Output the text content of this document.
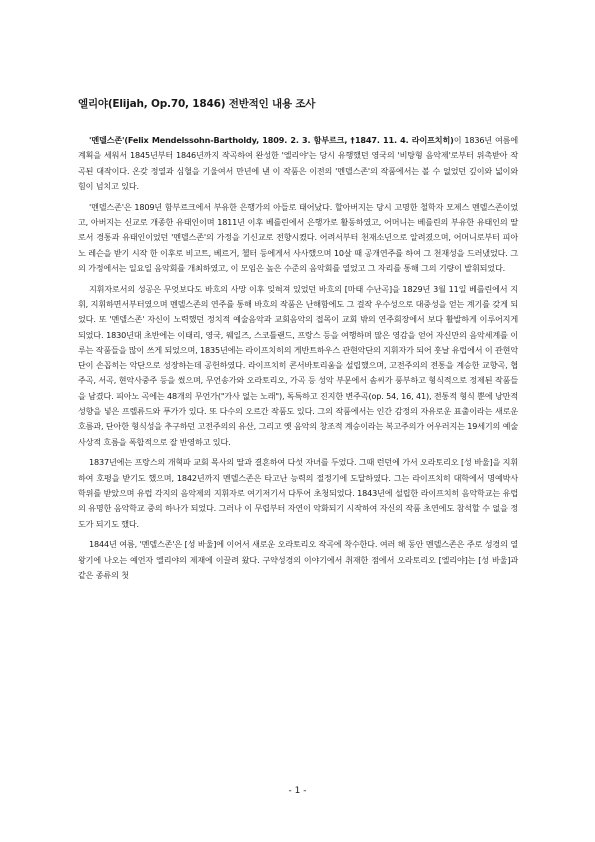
엘리야(Elijah, Op.70, 1846) 전반적인 내용 조사

'멘델스존'(Felix Mendelssohn-Bartholdy, 1809. 2. 3. 함부르크, †1847. 11. 4. 라이프치히)이 1836년 여름에 계획을 세워서 1845년부터 1846년까지 작곡하여 완성한 '엘리야'는 당시 유행했던 영국의 '비탕형 음악제'로부터 위촉받아 작곡된 대작이다. 온갖 정열과 심혈을 기울여서 만년에 낸 이 작품은 이전의 '멘델스존'의 작품에서는 볼 수 없었던 깊이와 넓이와 힘이 넘치고 있다.

'멘델스존'은 1809년 함부르크에서 부유한 은행가의 아들로 태어났다. 할아버지는 당시 고명한 철학자 모제스 멘델스존이었고, 아버지는 신교로 개종한 유태인이며 1811년 이후 베를린에서 은행가로 활동하였고, 어머니는 베를린의 부유한 유태인의 딸로서 경통과 유태인이었던 '멘델스존'의 가정을 기신교로 전향시켰다. 어려서부터 천재소년으로 알려졌으며, 어머니로부터 피아노 레슨을 받기 시작 한 이후로 비고트, 베르거, 첼터 등에게서 사사했으며 10살 때 공개연주를 하여 그 천재성을 드러냈었다. 그의 가정에서는 일요일 음악회를 개최하였고, 이 모임은 높은 수준의 음악회를 열었고 그 자리를 통해 그의 기량이 발휘되었다.

지휘자로서의 성공은 무엇보다도 바흐의 사망 이후 잊혀져 있었던 바흐의 [마태 수난곡]을 1829년 3월 11일 베를린에서 지휘, 지휘하면서부터였으며 멘델스존의 연주를 통해 바흐의 작품은 난해함에도 그 걸작 우수성으로 대중성을 얻는 계기를 갖게 되었다. 또 '멘델스존' 자신이 노력했던 정치적 예술음악과 교회음악의 접목이 교회 밖의 연주회장에서 보다 활발하게 이루어지게 되었다. 1830년대 초반에는 이태리, 영국, 웨일즈, 스코틀랜드, 프랑스 등을 여행하며 많은 영감을 얻어 자신만의 음악세계를 이루는 작품들을 많이 쓰게 되었으며, 1835년에는 라이프치히의 게반트하우스 관현악단의 지휘자가 되어 훗날 유럽에서 이 관현악단이 손꼽히는 악단으로 성장하는데 공헌하였다. 라이프치히 콘서바토리움을 설립했으며, 고전주의의 전통을 계승한 교향곡, 협주곡, 서곡, 현악사중주 등을 썼으며, 무언송가와 오라토리오, 가곡 등 성악 부문에서 솜씨가 풍부하고 형식적으로 정제된 작품들을 남겼다. 피아노 곡에는 48개의 무언가("가사 없는 노래"), 독특하고 진지한 변주곡(op. 54, 16, 41), 전통적 형식 뿐에 낭만적 성향을 넣은 프렐류드와 푸가가 있다. 또 다수의 오르간 작품도 있다. 그의 작품에서는 인간 감정의 자유로운 표출이라는 새로운 호름과, 단아한 형식성을 추구하던 고전주의의 유산, 그리고 옛 음악의 창조적 계승이라는 복고주의가 어우러지는 19세기의 예술 사상적 흐름을 폭합적으로 잘 반영하고 있다.

1837년에는 프랑스의 개혁파 교회 목사의 딸과 결혼하여 다섯 자녀를 두었다. 그때 런던에 가서 오라토리오 [성 바울]을 지휘하여 호평을 받기도 했으며, 1842년까지 멘델스존은 타고난 능력의 절정기에 도달하였다. 그는 라이프치히 대학에서 명예박사 학위를 받았으며 유럽 각지의 음악제의 지휘자로 여기저기서 다투어 초청되었다. 1843년에 설립한 라이프치히 음악학교는 유럽의 유명한 음악학교 중의 하나가 되었다. 그러나 이 무렵부터 자연이 악화되기 시작하여 자신의 작품 초연에도 참석할 수 없을 정도가 되기도 했다.

1844년 여름, '멘델스존'은 [성 바울]에 이어서 새로운 오라토리오 작곡에 착수한다. 여러 해 동안 멘델스존은 주로 성경의 열왕기에 나오는 예언자 엘리야의 제재에 이끌려 왔다. 구약성경의 이야기에서 취재한 점에서 오라토리오 [엘리야]는 [성 바울]과 같은 종류의 첫

- 1 -
